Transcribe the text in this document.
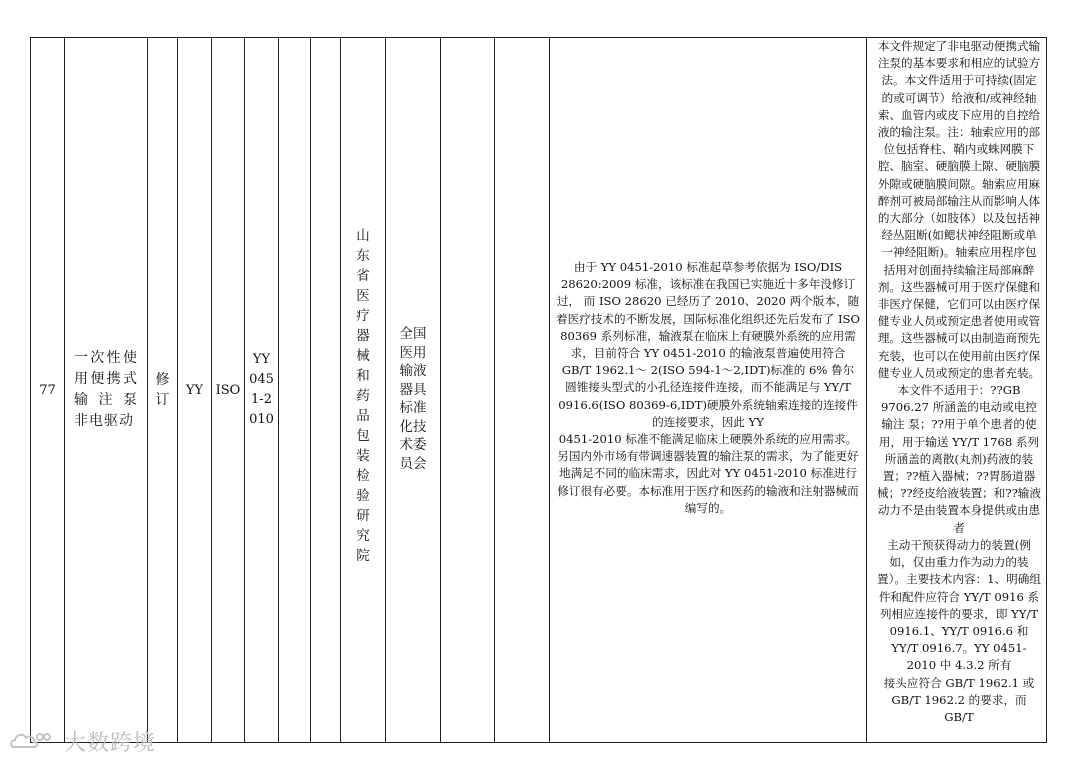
77
一次性使用便携式输注泵 非电驱动
修订
YY ISO
YY 0451-2010
山东省医疗器械和药品包装检验研究院
全国医用输液器具标准化技术委员会
由于 YY 0451-2010 标准起草参考依据为 ISO/DIS 28620:2009 标准，该标准在我国已实施近十多年没修订过， 而 ISO 28620 已经历了 2010、2020 两个版本，随着医疗技术的不断发展，国际标准化组织还先后发布了 ISO 80369 系列标准，输液泵在临床上有硬膜外系统的应用需求，目前符合 YY 0451-2010 的输液泵普遍使用符合 GB/T 1962.1～ 2(ISO 594-1～2,IDT)标准的 6% 鲁尔圆锥接头型式的小孔径连接件连接，而不能满足与 YY/T 0916.6(ISO 80369-6,IDT)硬膜外系统轴索连接的连接件的连接要求，因此 YY
0451-2010 标准不能满足临床上硬膜外系统的应用需求。另国内外市场有带调速器装置的输注泵的需求，为了能更好地满足不同的临床需求，因此对 YY 0451-2010 标准进行修订很有必要。本标准用于医疗和医药的输液和注射器械而编写的。
本文件规定了非电驱动便携式输注泵的基本要求和相应的试验方法。本文件适用于可持续(固定的或可调节）给液和/或神经轴索、血管内或皮下应用的自控给液的输注泵。注：轴索应用的部位包括脊柱、鞘内或蛛网膜下腔、脑室、硬脑膜上隙、硬脑膜外隙或硬脑膜间隙。轴索应用麻醉剂可被局部输注从而影响人体的大部分（如肢体）以及包括神经丛阻断(如鳃状神经阻断或单一神经阻断)。轴索应用程序包括用对创面持续输注局部麻醉剂。这些器械可用于医疗保健和非医疗保健，它们可以由医疗保健专业人员或预定患者使用或管理。这些器械可以由制造商预先充装，也可以在使用前由医疗保健专业人员或预定的患者充装。本文件不适用于：??GB 9706.27 所涵盖的电动或电控输注 泵；??用于单个患者的使用，用于输送 YY/T 1768 系列所涵盖的离散(丸剂)药液的装置；??植入器械；??胃肠道器械；??经皮给液装置；和??输液动力不是由装置本身提供或由患者
主动干预获得动力的装置(例如，仅由重力作为动力的装置）。主要技术内容：1、明确组件和配件应符合 YY/T 0916 系列相应连接件的要求，即 YY/T 0916.1、YY/T 0916.6 和 YY/T 0916.7。YY 0451-2010 中 4.3.2 所有
接头应符合 GB/T 1962.1 或GB/T 1962.2 的要求，而GB/T
大数跨境
